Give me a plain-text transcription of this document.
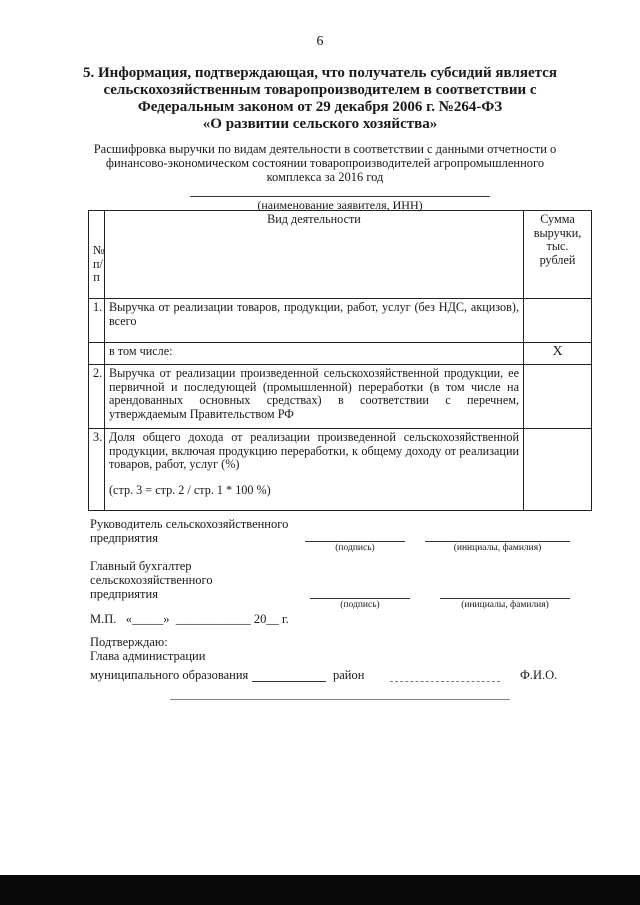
6
5. Информация, подтверждающая, что получатель субсидий является
сельскохозяйственным товаропроизводителем в соответствии с
Федеральным законом от 29 декабря 2006 г. №264-ФЗ
«О развитии сельского хозяйства»
Расшифровка выручки по видам деятельности в соответствии с данными отчетности о
финансово-экономическом состоянии товаропроизводителей агропромышленного
комплекса за 2016 год
(наименование заявителя, ИНН)
№
п/п	Вид деятельности	Сумма выручки, тыс. рублей
1.	Выручка от реализации товаров, продукции, работ, услуг (без НДС, акцизов), всего	
	в том числе:	X
2.	Выручка от реализации произведенной сельскохозяйственной продукции, ее первичной и последующей (промышленной) переработки (в том числе на арендованных основных средствах) в соответствии с перечнем, утверждаемым Правительством РФ	
3.	Доля общего дохода от реализации произведенной сельскохозяйственной продукции, включая продукцию переработки, к общему доходу от реализации товаров, работ, услуг (%)
(стр. 3 = стр. 2 / стр. 1 * 100 %)	

Руководитель сельскохозяйственного
предприятия
(подпись)	(инициалы, фамилия)
Главный бухгалтер
сельскохозяйственного
предприятия
(подпись)	(инициалы, фамилия)
М.П.   «_____»  ____________ 20__ г.
Подтверждаю:
Глава администрации
муниципального образования	район	Ф.И.О.
